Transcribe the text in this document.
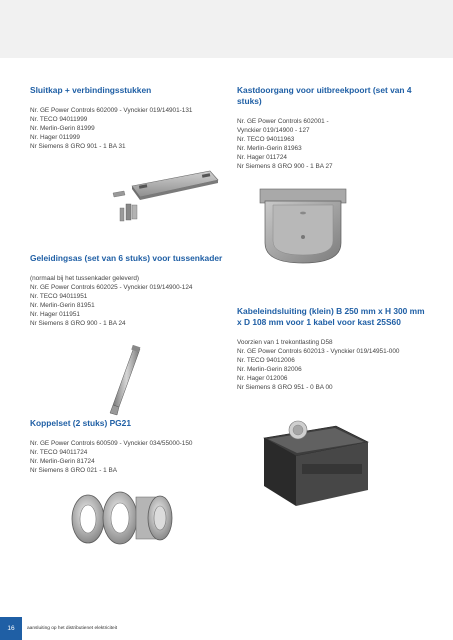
Sluitkap + verbindingsstukken

Nr. GE Power Controls 602009 - Vynckier 019/14901-131
Nr. TECO 94011999
Nr. Merlin-Gerin 81999
Nr. Hager 011999
Nr Siemens 8 GRO 901 - 1 BA 31

Kastdoorgang voor uitbreekpoort (set van 4 stuks)

Nr. GE Power Controls 602001 -
Vynckier 019/14900 - 127
Nr. TECO 94011963
Nr. Merlin-Gerin 81963
Nr. Hager 011724
Nr Siemens 8 GRO 900 - 1 BA 27

Geleidingsas (set van 6 stuks) voor tussenkader

(normaal bij het tussenkader geleverd)
Nr. GE Power Controls 602025 - Vynckier 019/14900-124
Nr. TECO 94011951
Nr. Merlin-Gerin 81951
Nr. Hager 011951
Nr Siemens 8 GRO 900 - 1 BA 24

Kabeleindsluiting (klein) B 250 mm x H 300 mm x D 108 mm voor 1 kabel voor kast 25S60

Voorzien van 1 trekontlasting D58
Nr. GE Power Controls 602013 - Vynckier 019/14951-000
Nr. TECO 94012006
Nr. Merlin-Gerin 82006
Nr. Hager 012006
Nr Siemens 8 GRO 951 - 0 BA 00

Koppelset (2 stuks) PG21

Nr. GE Power Controls 600509 - Vynckier 034/55000-150
Nr. TECO 94011724
Nr. Merlin-Gerin 81724
Nr Siemens 8 GRO 021 - 1 BA
16	aansluiting op het distributienet elektriciteit
